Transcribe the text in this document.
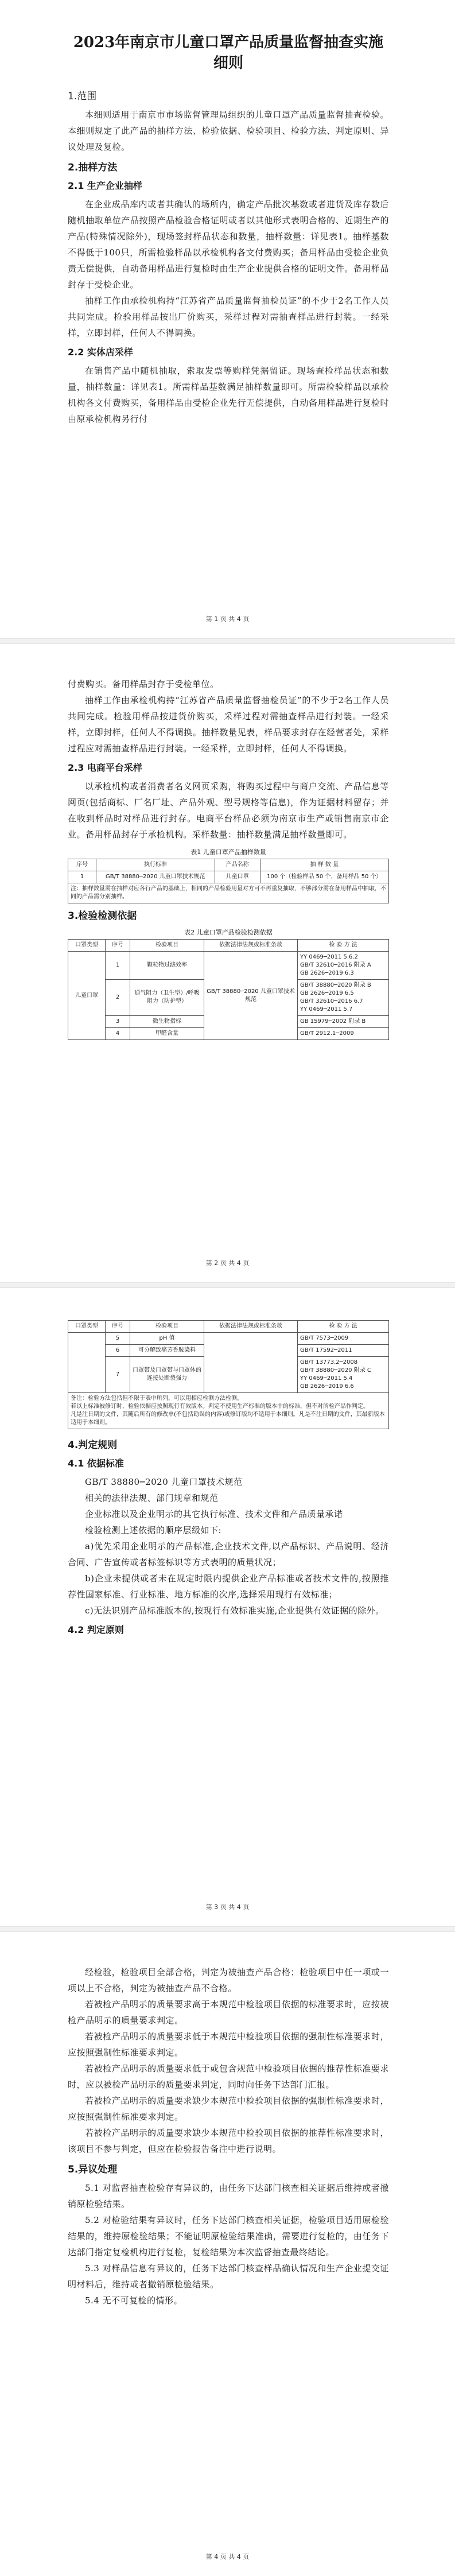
2023年南京市儿童口罩产品质量监督抽查实施细则
1.范围

本细则适用于南京市市场监督管理局组织的儿童口罩产品质量监督抽查检验。本细则规定了此产品的抽样方法、检验依据、检验项目、检验方法、判定原则、异议处理及复检。

2.抽样方法
2.1 生产企业抽样

在企业成品库内或者其确认的场所内，确定产品批次基数或者进货及库存数后随机抽取单位产品按照产品检验合格证明或者以其他形式表明合格的、近期生产的产品(特殊情况除外)，现场签封样品状态和数量，抽样数量：详见表1。抽样基数不得低于100只，所需检验样品以承检机构各文付费购买；备用样品由受检企业负责无偿提供，自动备用样品进行复检时由生产企业提供合格的证明文件。备用样品封存于受检企业。

抽样工作由承检机构持“江苏省产品质量监督抽检员证”的不少于2名工作人员共同完成。检验用样品按出厂价购买，采样过程对需抽查样品进行封装。一经采样，立即封样，任何人不得调换。

2.2 实体店采样

在销售产品中随机抽取，索取发票等购样凭据留证。现场查检样品状态和数量，抽样数量：详见表1。所需样品基数满足抽样数量即可。所需检验样品以承检机构各文付费购买，备用样品由受检企业先行无偿提供，自动备用样品进行复检时由原承检机构另行付

第 1 页 共 4 页

付费购买。备用样品封存于受检单位。

抽样工作由承检机构持“江苏省产品质量监督抽检员证”的不少于2名工作人员共同完成。检验用样品按进货价购买，采样过程对需抽查样品进行封装。一经采样，立即封样，任何人不得调换。抽样数量见表，样品要求封存在经营者处，采样过程应对需抽查样品进行封装。一经采样，立即封样，任何人不得调换。

2.3 电商平台采样

以承检机构或者消费者名义网页采购，将购买过程中与商户交流、产品信息等网页(包括商标、厂名厂址、产品外观、型号规格等信息)，作为证据材料留存；并在收到样品时对样品进行封存。电商平台样品必须为南京市生产或销售南京市企业。备用样品封存于承检机构。采样数量：抽样数量满足抽样数量即可。

表1 儿童口罩产品抽样数量
序号	执行标准	产品名称	抽 样 数 量
1	GB/T 38880─2020 儿童口罩技术规范	儿童口罩	100 个（检验样品 50 个，备用样品 50 个）
注：抽样数量需在抽样对应各行产品的基础上，相同的产品检验用量对方可不再重复抽取，不够部分需在备用样品中抽取，不同的产品需分别抽样。			
3.检验检测依据
表2 儿童口罩产品检验检测依据
口罩类型	序号	检验项目	依据法律法规或标准条款	检 验 方 法
儿童口罩	1	颗粒物过滤效率	GB/T 38880─2020 儿童口罩技术规范	YY 0469─2011 5.6.2
GB/T 32610─2016 附录 A
GB 2626─2019 6.3
	2	通气阻力（卫生型）/呼吸阻力（防护型）		GB/T 38880─2020 附录 B
GB 2626─2019 6.5
GB/T 32610─2016 6.7
YY 0469─2011 5.7
	3	微生物指标		GB 15979─2002 附录 B
	4	甲醛含量		GB/T 2912.1─2009
第 2 页 共 4 页
口罩类型	序号	检验项目	依据法律法规或标准条款	检 验 方 法
	5	pH 值		GB/T 7573─2009
	6	可分解致癌芳香胺染料		GB/T 17592─2011
	7	口罩带及口罩带与口罩体的连接处断裂强力		GB/T 13773.2─2008
GB/T 38880─2020 附录 C
YY 0469─2011 5.4
GB 2626─2019 6.6
备注：检验方法包括但不限于表中所列，可以用相应检测方法检测。
若以上标准被修订时，检验依据应按照现行有效版本。判定不使用生产标准的版本中的标准，但不对所检产品作判定。
凡是注日期的文件，其随后所有的修改单(不包括勘误的内容)或修订版均不适用于本细则。凡是不注日期的文件，其最新版本适用于本细则。				
4.判定规则
4.1 依据标准

GB/T 38880─2020 儿童口罩技术规范

相关的法律法规、部门规章和规范

企业标准以及企业明示的其它执行标准、技术文件和产品质量承诺

检验检测上述依据的顺序层级如下:

a)优先采用企业明示的产品标准,企业技术文件,以产品标识、产品说明、经济合同、广告宣传或者标签标识等方式表明的质量状况；

b)企业未提供或者未在规定时限内提供企业产品标准或者技术文件的,按照推荐性国家标准、行业标准、地方标准的次序,选择采用现行有效标准；

c)无法识别产品标准版本的,按现行有效标准实施,企业提供有效证据的除外。

4.2 判定原则
第 3 页 共 4 页

经检验，检验项目全部合格，判定为被抽查产品合格；检验项目中任一项或一项以上不合格，判定为被抽查产品不合格。

若被检产品明示的质量要求高于本规范中检验项目依据的标准要求时，应按被检产品明示的质量要求判定。

若被检产品明示的质量要求低于本规范中检验项目依据的强制性标准要求时，应按照强制性标准要求判定。

若被检产品明示的质量要求低于或包含规范中检验项目依据的推荐性标准要求时，应以被检产品明示的质量要求判定，同时向任务下达部门汇报。

若被检产品明示的质量要求缺少本规范中检验项目依据的强制性标准要求时，应按照强制性标准要求判定。

若被检产品明示的质量要求缺少本规范中检验项目依据的推荐性标准要求时，该项目不参与判定，但应在检验报告备注中进行说明。

5.异议处理

5.1 对监督抽查检验存有异议的，由任务下达部门核查相关证据后维持或者撤销原检验结果。

5.2 对检验结果有异议时，任务下达部门核查相关证据，检验项目适用原检验结果的，维持原检验结果；不能证明原检验结果准确，需要进行复检的，由任务下达部门指定复检机构进行复检，复检结果为本次监督抽查最终结论。

5.3 对样品信息有异议的，任务下达部门核查样品确认情况和生产企业提交证明材料后，维持或者撤销原检验结果。

5.4 无不可复检的情形。

第 4 页 共 4 页
